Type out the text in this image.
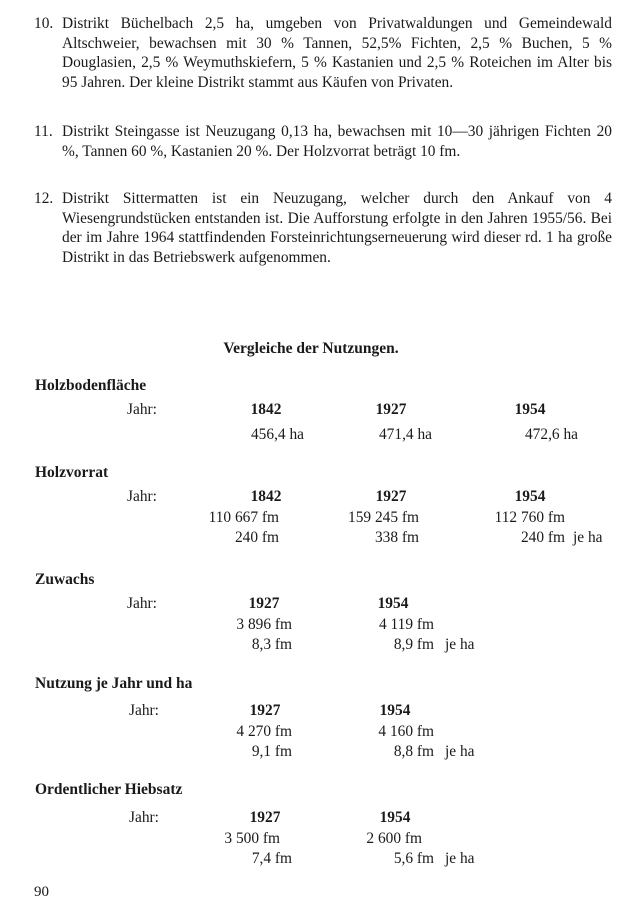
10. Distrikt Büchelbach 2,5 ha, umgeben von Privatwaldungen und Gemeindewald Altschweier, bewachsen mit 30 % Tannen, 52,5% Fichten, 2,5 % Buchen, 5 % Douglasien, 2,5 % Weymuthskiefern, 5 % Kastanien und 2,5 % Roteichen im Alter bis 95 Jahren. Der kleine Distrikt stammt aus Käufen von Privaten.
11. Distrikt Steingasse ist Neuzugang 0,13 ha, bewachsen mit 10—30 jährigen Fichten 20 %, Tannen 60 %, Kastanien 20 %. Der Holzvorrat beträgt 10 fm.
12. Distrikt Sittermatten ist ein Neuzugang, welcher durch den Ankauf von 4 Wiesengrundstücken entstanden ist. Die Aufforstung erfolgte in den Jahren 1955/56. Bei der im Jahre 1964 stattfindenden Forsteinrichtungserneuerung wird dieser rd. 1 ha große Distrikt in das Betriebswerk aufgenommen.
Vergleiche der Nutzungen.
Holzbodenfläche
Jahr:	1842	1927	1954
456,4 ha	471,4 ha	472,6 ha
Holzvorrat
Jahr:	1842	1927	1954
110 667 fm	159 245 fm	112 760 fm
240 fm	338 fm	240 fm je ha
Zuwachs
Jahr:	1927	1954
3 896 fm	4 119 fm
8,3 fm	8,9 fm je ha
Nutzung je Jahr und ha
Jahr:	1927	1954
4 270 fm	4 160 fm
9,1 fm	8,8 fm je ha
Ordentlicher Hiebsatz
Jahr:	1927	1954
3 500 fm	2 600 fm
7,4 fm	5,6 fm je ha
90
